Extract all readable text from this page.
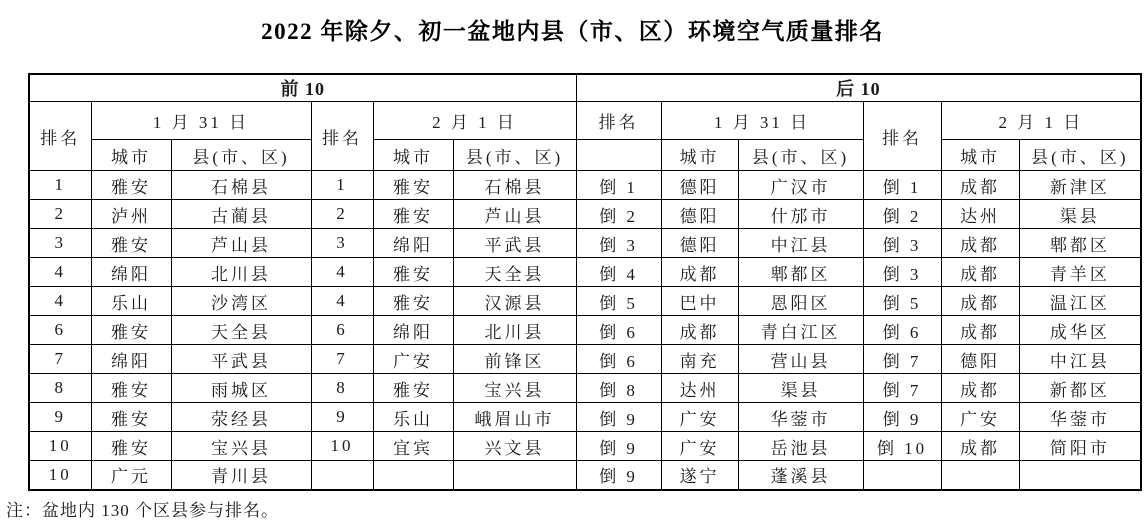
2022 年除夕、初一盆地内县（市、区）环境空气质量排名
前 10						后 10					
排名	1 月 31 日		排名	2 月 1 日		排名	1 月 31 日		排名	2 月 1 日	
	城市	县(市、区)		城市	县(市、区)		城市	县(市、区)		城市	县(市、区)
1	雅安	石棉县	1	雅安	石棉县	倒 1	德阳	广汉市	倒 1	成都	新津区
2	泸州	古蔺县	2	雅安	芦山县	倒 2	德阳	什邡市	倒 2	达州	渠县
3	雅安	芦山县	3	绵阳	平武县	倒 3	德阳	中江县	倒 3	成都	郫都区
4	绵阳	北川县	4	雅安	天全县	倒 4	成都	郫都区	倒 3	成都	青羊区
4	乐山	沙湾区	4	雅安	汉源县	倒 5	巴中	恩阳区	倒 5	成都	温江区
6	雅安	天全县	6	绵阳	北川县	倒 6	成都	青白江区	倒 6	成都	成华区
7	绵阳	平武县	7	广安	前锋区	倒 6	南充	营山县	倒 7	德阳	中江县
8	雅安	雨城区	8	雅安	宝兴县	倒 8	达州	渠县	倒 7	成都	新都区
9	雅安	荥经县	9	乐山	峨眉山市	倒 9	广安	华蓥市	倒 9	广安	华蓥市
10	雅安	宝兴县	10	宜宾	兴文县	倒 9	广安	岳池县	倒 10	成都	简阳市
10	广元	青川县				倒 9	遂宁	蓬溪县			
注：盆地内 130 个区县参与排名。
